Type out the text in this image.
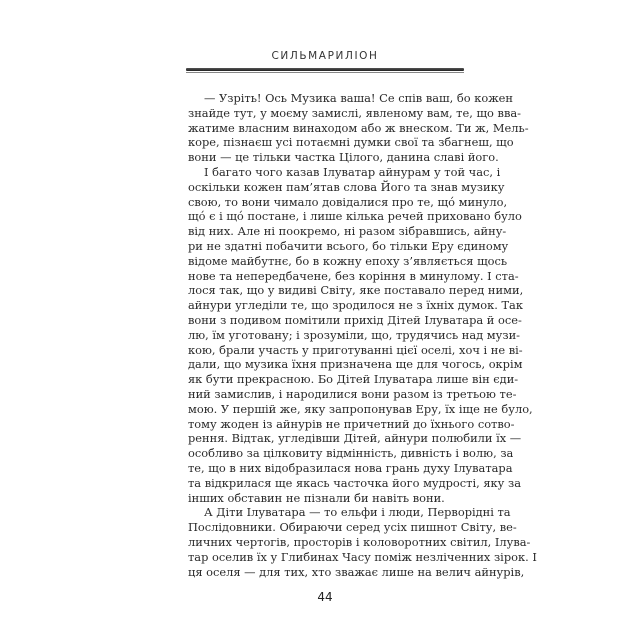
СИЛЬМАРИЛІОН
— Узріть! Ось Музика ваша! Се спів ваш, бо кожен
знайде тут, у моєму замислі, явленому вам, те, що вва-
жатиме власним винаходом або ж внеском. Ти ж, Мель-
коре, пізнаєш усі потаємні думки свої та збагнеш, що
вони — це тільки частка Цілого, данина славі його.
І багато чого казав Ілуватар айнурам у той час, і
оскільки кожен пам’ятав слова Його та знав музику
свою, то вони чимало довідалися про те, щó минуло,
щó є і щó постане, і лише кілька речей приховано було
від них. Але ні поокремо, ні разом зібравшись, айну-
ри не здатні побачити всього, бо тільки Еру єдиному
відоме майбутнє, бо в кожну епоху з’являється щось
нове та непередбачене, без коріння в минулому. І ста-
лося так, що у видиві Світу, яке поставало перед ними,
айнури угледіли те, що зродилося не з їхніх думок. Так
вони з подивом помітили прихід Дітей Ілуватара й осе-
лю, їм уготовану; і зрозуміли, що, трудячись над музи-
кою, брали участь у приготуванні цієї оселі, хоч і не ві-
дали, що музика їхня призначена ще для чогось, окрім
як бути прекрасною. Бо Дітей Ілуватара лише він єди-
ний замислив, і народилися вони разом із третьою те-
мою. У першій же, яку запропонував Еру, їх іще не було,
тому жоден із айнурів не причетний до їхнього сотво-
рення. Відтак, угледівши Дітей, айнури полюбили їх —
особливо за цілковиту відмінність, дивність і волю, за
те, що в них відобразилася нова грань духу Ілуватара
та відкрилася ще якась часточка його мудрості, яку за
інших обставин не пізнали би навіть вони.
А Діти Ілуватара — то ельфи і люди, Перворідні та
Послідовники. Обираючи серед усіх пишнот Світу, ве-
личних чертогів, просторів і коловоротних світил, Ілува-
тар оселив їх у Глибинах Часу поміж незліченних зірок. І
ця оселя — для тих, хто зважає лише на велич айнурів,
44
